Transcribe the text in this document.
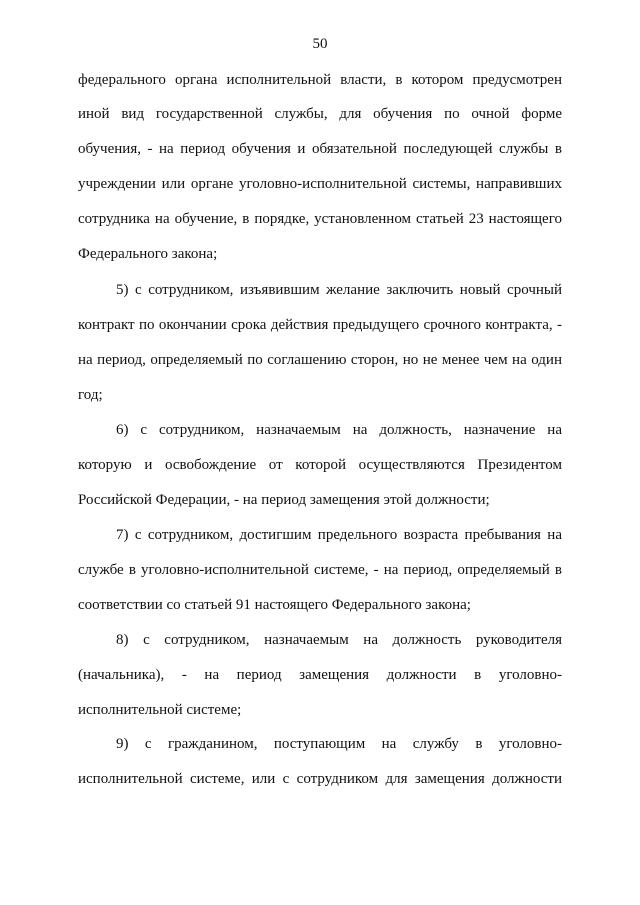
50
федерального органа исполнительной власти, в котором предусмотрен
иной вид государственной службы, для обучения по очной форме
обучения, - на период обучения и обязательной последующей службы в
учреждении или органе уголовно-исполнительной системы, направивших
сотрудника на обучение, в порядке, установленном статьей 23 настоящего
Федерального закона;
5) с сотрудником, изъявившим желание заключить новый срочный
контракт по окончании срока действия предыдущего срочного контракта, -
на период, определяемый по соглашению сторон, но не менее чем на один
год;
6) с сотрудником, назначаемым на должность, назначение на
которую и освобождение от которой осуществляются Президентом
Российской Федерации, - на период замещения этой должности;
7) с сотрудником, достигшим предельного возраста пребывания на
службе в уголовно-исполнительной системе, - на период, определяемый в
соответствии со статьей 91 настоящего Федерального закона;
8) с сотрудником, назначаемым на должность руководителя
(начальника), - на период замещения должности в уголовно-
исполнительной системе;
9) с гражданином, поступающим на службу в уголовно-
исполнительной системе, или с сотрудником для замещения должности
